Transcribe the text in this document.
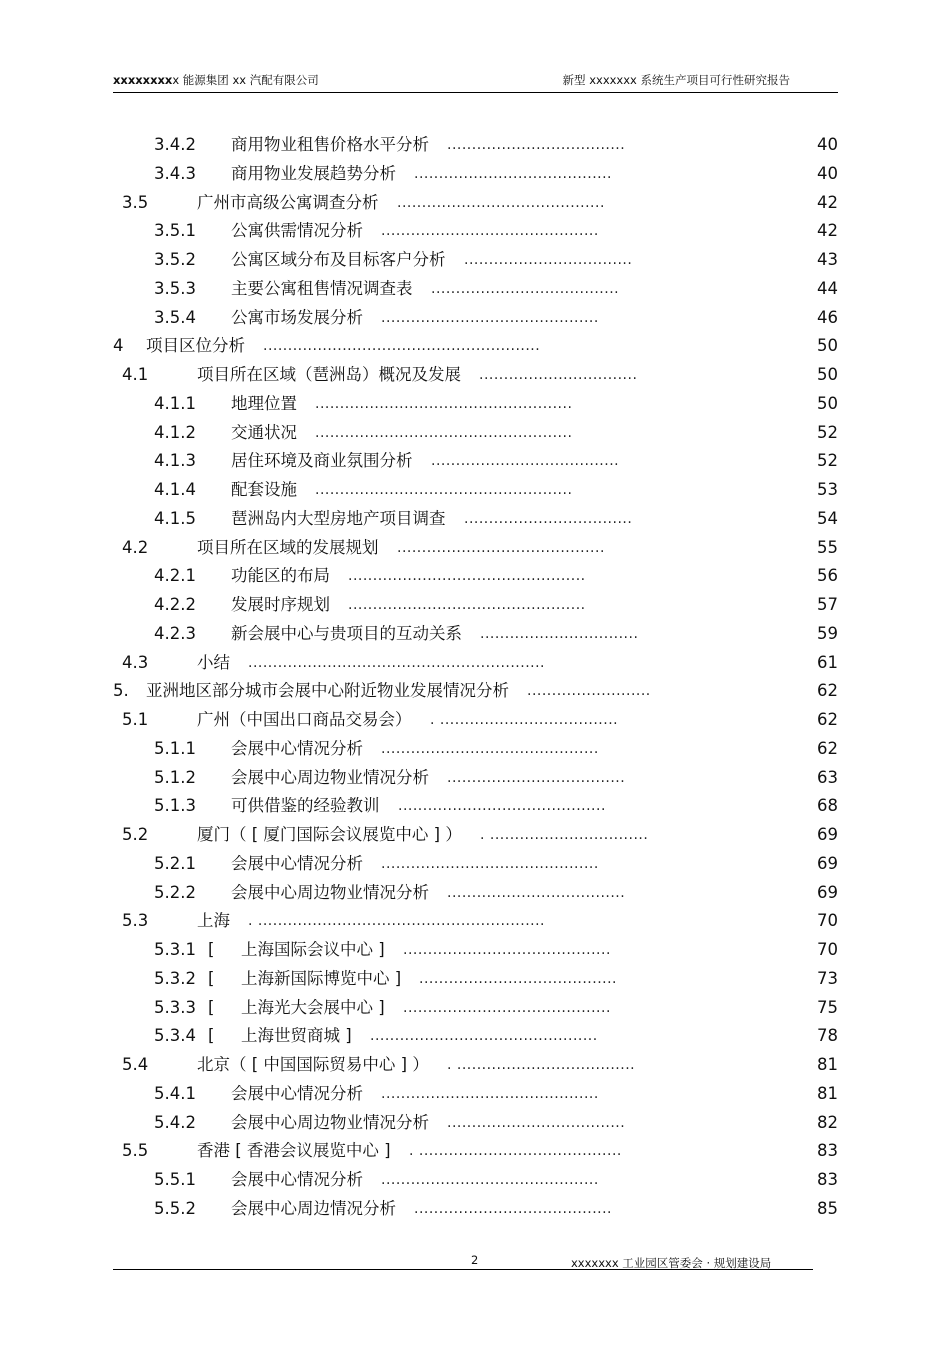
xxxxxxxxx 能源集团 xx 汽配有限公司	新型 xxxxxxx 系统生产项目可行性研究报告
3.4.2 商用物业租售价格水平分析 ....................................	40
3.4.3 商用物业发展趋势分析 ........................................	40
3.5	广州市高级公寓调查分析 ..........................................	42
3.5.1 公寓供需情况分析 ............................................	42
3.5.2 公寓区域分布及目标客户分析 ..................................	43
3.5.3 主要公寓租售情况调查表 ......................................	44
3.5.4 公寓市场发展分析 ............................................	46
4 项目区位分析 ........................................................	50
4.1	项目所在区域（琶洲岛）概况及发展 ................................	50
4.1.1 地理位置 ....................................................	50
4.1.2 交通状况 ....................................................	52
4.1.3 居住环境及商业氛围分析 ......................................	52
4.1.4 配套设施 ....................................................	53
4.1.5 琶洲岛内大型房地产项目调查 ..................................	54
4.2	项目所在区域的发展规划 ..........................................	55
4.2.1 功能区的布局 ................................................	56
4.2.2 发展时序规划 ................................................	57
4.2.3 新会展中心与贵项目的互动关系 ................................	59
4.3	小结 ............................................................	61
5. 亚洲地区部分城市会展中心附近物业发展情况分析 .........................	62
5.1	广州（中国出口商品交易会） . ....................................	62
5.1.1 会展中心情况分析 ............................................	62
5.1.2 会展中心周边物业情况分析 ....................................	63
5.1.3 可供借鉴的经验教训 ..........................................	68
5.2	厦门（ [ 厦门国际会议展览中心 ] ） . ................................	69
5.2.1 会展中心情况分析 ............................................	69
5.2.2 会展中心周边物业情况分析 ....................................	69
5.3	上海 . ..........................................................	70
5.3.1 [ 上海国际会议中心 ] ..........................................	70
5.3.2 [ 上海新国际博览中心 ] ........................................	73
5.3.3 [ 上海光大会展中心 ] ..........................................	75
5.3.4 [ 上海世贸商城 ] ..............................................	78
5.4	北京（ [ 中国国际贸易中心 ] ） . ....................................	81
5.4.1 会展中心情况分析 ............................................	81
5.4.2 会展中心周边物业情况分析 ....................................	82
5.5	香港 [ 香港会议展览中心 ] . .........................................	83
5.5.1 会展中心情况分析 ............................................	83
5.5.2 会展中心周边情况分析 ........................................	85
2	xxxxxxx 工业园区管委会 · 规划建设局
